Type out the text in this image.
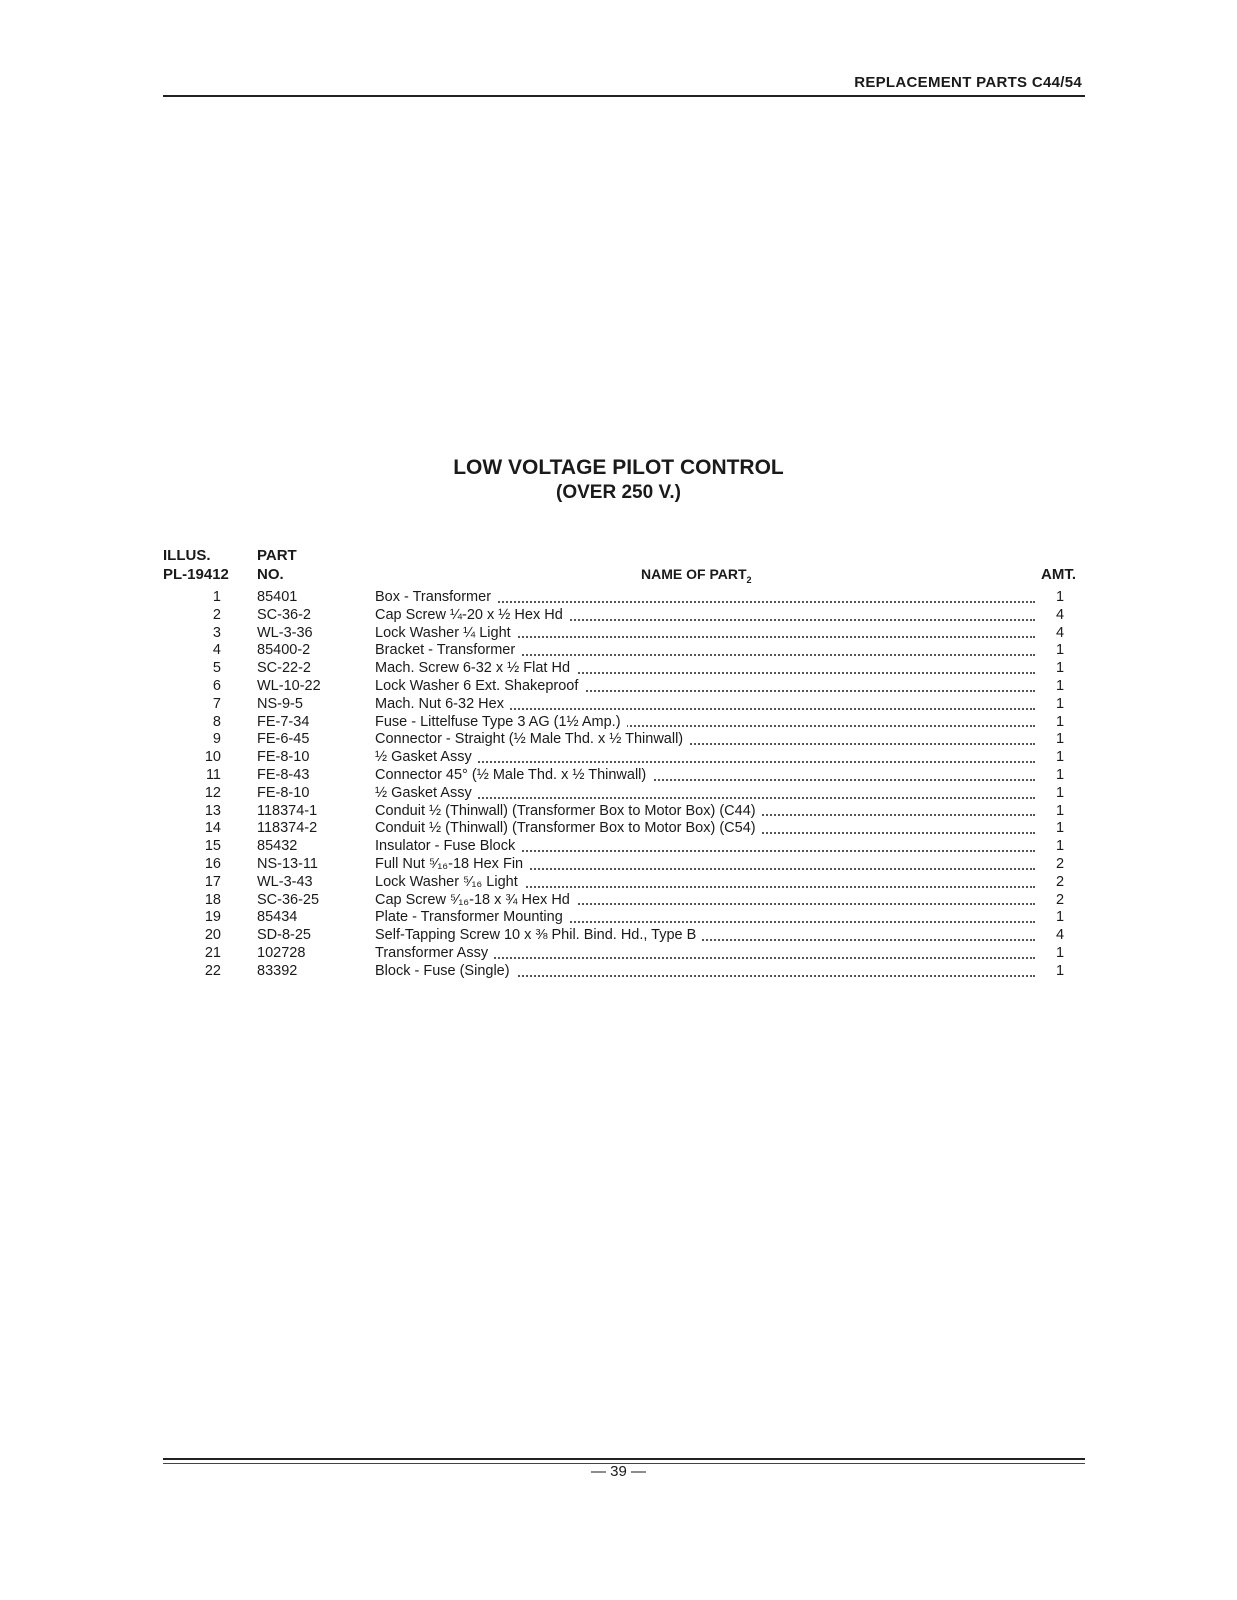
REPLACEMENT PARTS C44/54
LOW VOLTAGE PILOT CONTROL
(OVER 250 V.)
ILLUS.
PL-19412
PART
NO.	NAME OF $PART_2$	AMT.
1 85401	Box - Transformer	1
2 SC-36-2	Cap Screw ¼-20 x ½ Hex Hd	4
3 WL-3-36	Lock Washer ¼ Light	4
4 85400-2	Bracket - Transformer	1
5 SC-22-2	Mach. Screw 6-32 x ½ Flat Hd	1
6 WL-10-22	Lock Washer 6 Ext. Shakeproof	1
7 NS-9-5	Mach. Nut 6-32 Hex	1
8 FE-7-34	Fuse - Littelfuse Type 3 AG (1½ Amp.)	1
9 FE-6-45	Connector - Straight (½ Male Thd. x ½ Thinwall)	1
10 FE-8-10	½ Gasket Assy	1
11 FE-8-43	Connector 45° (½ Male Thd. x ½ Thinwall)	1
12 FE-8-10	½ Gasket Assy	1
13 118374-1	Conduit ½ (Thinwall) (Transformer Box to Motor Box) (C44)	1
14 118374-2	Conduit ½ (Thinwall) (Transformer Box to Motor Box) (C54)	1
15 85432	Insulator - Fuse Block	1
16 NS-13-11	Full Nut ⁵⁄₁₆-18 Hex Fin	2
17 WL-3-43	Lock Washer ⁵⁄₁₆ Light	2
18 SC-36-25	Cap Screw ⁵⁄₁₆-18 x ¾ Hex Hd	2
19 85434	Plate - Transformer Mounting	1
20 SD-8-25	Self-Tapping Screw 10 x ⅜ Phil. Bind. Hd., Type B	4
21 102728	Transformer Assy	1
22 83392	Block - Fuse (Single)	1
— 39 —
